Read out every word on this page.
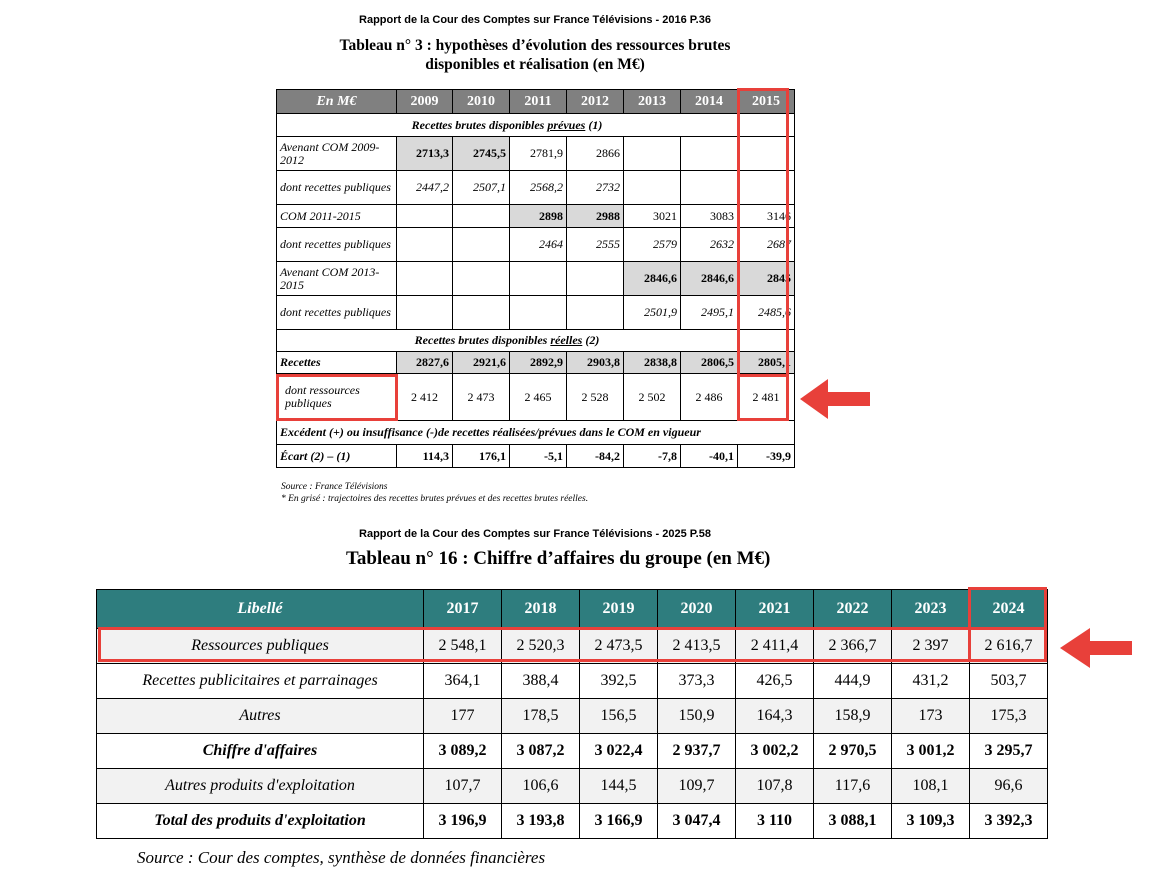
Rapport de la Cour des Comptes sur France Télévisions - 2016 P.36
Tableau n° 3 : hypothèses d’évolution des ressources brutes
disponibles et réalisation (en M€)
En M€	2009	2010	2011	2012	2013	2014	2015
Recettes brutes disponibles prévues (1)							
Avenant COM 2009-2012	2713,3	2745,5	2781,9	2866			
dont recettes publiques	2447,2	2507,1	2568,2	2732			
COM 2011-2015			2898	2988	3021	3083	3146
dont recettes publiques			2464	2555	2579	2632	2687
Avenant COM 2013-2015					2846,6	2846,6	2845
dont recettes publiques					2501,9	2495,1	2485,6
Recettes brutes disponibles réelles (2)							
Recettes	2827,6	2921,6	2892,9	2903,8	2838,8	2806,5	2805,1
dont ressources publiques	2 412	2 473	2 465	2 528	2 502	2 486	2 481
Excédent (+) ou insuffisance (-)de recettes réalisées/prévues dans le COM en vigueur							
Écart (2) – (1)	114,3	176,1	-5,1	-84,2	-7,8	-40,1	-39,9
Source : France Télévisions
* En grisé : trajectoires des recettes brutes prévues et des recettes brutes réelles.
Rapport de la Cour des Comptes sur France Télévisions - 2025 P.58
Tableau n° 16 : Chiffre d’affaires du groupe (en M€)
Libellé	2017	2018	2019	2020	2021	2022	2023	2024
Ressources publiques	2 548,1	2 520,3	2 473,5	2 413,5	2 411,4	2 366,7	2 397	2 616,7
Recettes publicitaires et parrainages	364,1	388,4	392,5	373,3	426,5	444,9	431,2	503,7
Autres	177	178,5	156,5	150,9	164,3	158,9	173	175,3
Chiffre d'affaires	3 089,2	3 087,2	3 022,4	2 937,7	3 002,2	2 970,5	3 001,2	3 295,7
Autres produits d'exploitation	107,7	106,6	144,5	109,7	107,8	117,6	108,1	96,6
Total des produits d'exploitation	3 196,9	3 193,8	3 166,9	3 047,4	3 110	3 088,1	3 109,3	3 392,3
Source : Cour des comptes, synthèse de données financières
